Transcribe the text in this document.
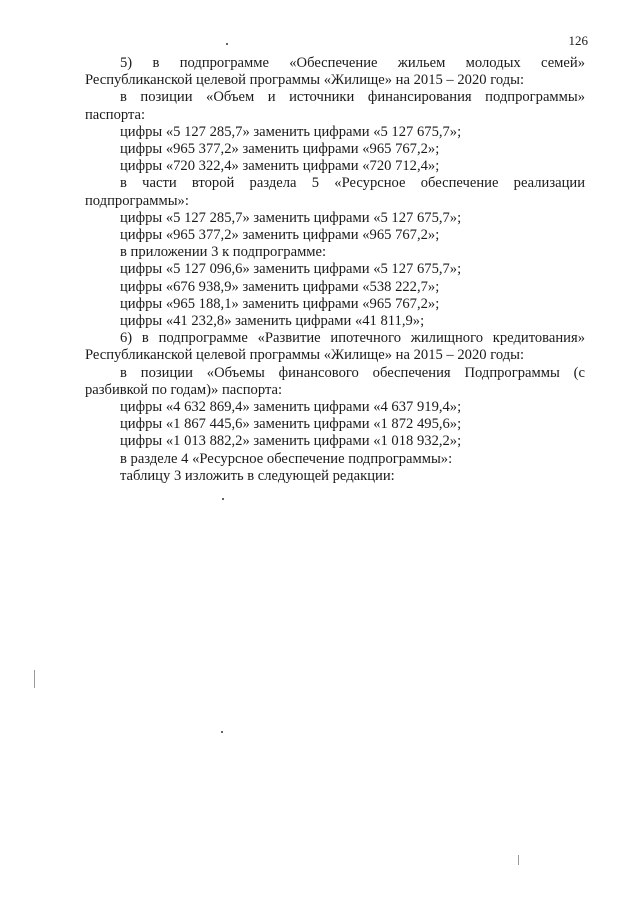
126

5) в подпрограмме «Обеспечение жильем молодых семей»

Республиканской целевой программы «Жилище» на 2015 – 2020 годы:

в позиции «Объем и источники финансирования подпрограммы»

паспорта:

цифры «5 127 285,7» заменить цифрами «5 127 675,7»;

цифры «965 377,2» заменить цифрами «965 767,2»;

цифры «720 322,4» заменить цифрами «720 712,4»;

в части второй раздела 5 «Ресурсное обеспечение реализации

подпрограммы»:

цифры «5 127 285,7» заменить цифрами «5 127 675,7»;

цифры «965 377,2» заменить цифрами «965 767,2»;

в приложении 3 к подпрограмме:

цифры «5 127 096,6» заменить цифрами «5 127 675,7»;

цифры «676 938,9» заменить цифрами «538 222,7»;

цифры «965 188,1» заменить цифрами «965 767,2»;

цифры «41 232,8» заменить цифрами «41 811,9»;

6) в подпрограмме «Развитие ипотечного жилищного кредитования»

Республиканской целевой программы «Жилище» на 2015 – 2020 годы:

в позиции «Объемы финансового обеспечения Подпрограммы (с

разбивкой по годам)» паспорта:

цифры «4 632 869,4» заменить цифрами «4 637 919,4»;

цифры «1 867 445,6» заменить цифрами «1 872 495,6»;

цифры «1 013 882,2» заменить цифрами «1 018 932,2»;

в разделе 4 «Ресурсное обеспечение подпрограммы»:

таблицу 3 изложить в следующей редакции:
